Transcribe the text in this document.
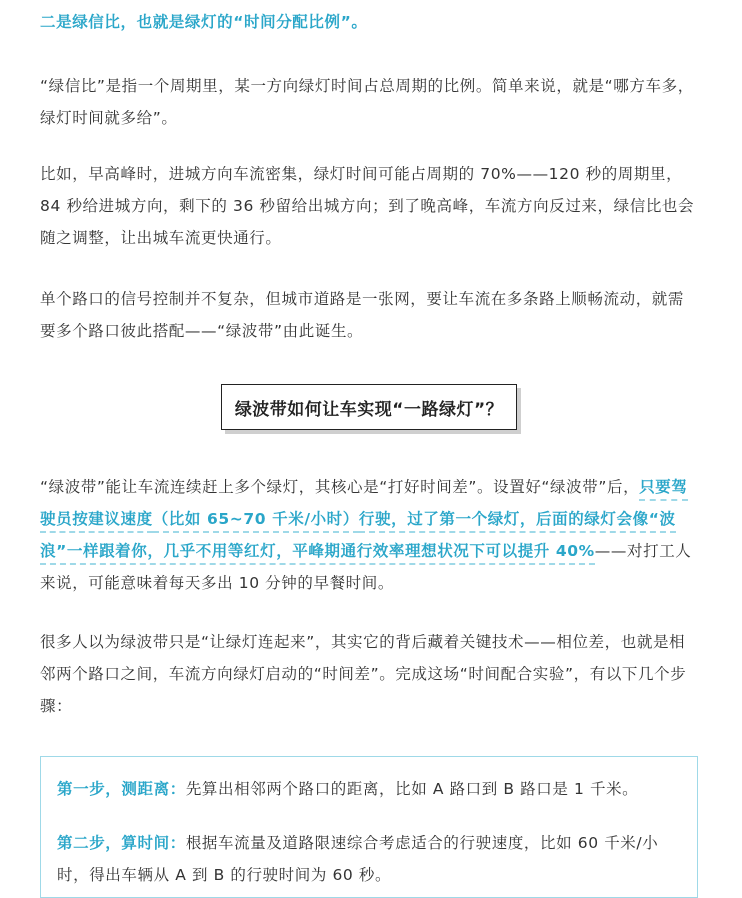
二是绿信比，也就是绿灯的“时间分配比例”。

“绿信比”是指一个周期里，某一方向绿灯时间占总周期的比例。简单来说，就是“哪方车多，绿灯时间就多给”。

比如，早高峰时，进城方向车流密集，绿灯时间可能占周期的 70%——120 秒的周期里，84 秒给进城方向，剩下的 36 秒留给出城方向；到了晚高峰，车流方向反过来，绿信比也会随之调整，让出城车流更快通行。

单个路口的信号控制并不复杂，但城市道路是一张网，要让车流在多条路上顺畅流动，就需要多个路口彼此搭配——“绿波带”由此诞生。

绿波带如何让车实现“一路绿灯”？

“绿波带”能让车流连续赶上多个绿灯，其核心是“打好时间差”。设置好“绿波带”后，只要驾驶员按建议速度（比如 65~70 千米/小时）行驶，过了第一个绿灯，后面的绿灯会像“波浪”一样跟着你，几乎不用等红灯，平峰期通行效率理想状况下可以提升 40%——对打工人来说，可能意味着每天多出 10 分钟的早餐时间。

很多人以为绿波带只是“让绿灯连起来”，其实它的背后藏着关键技术——相位差，也就是相邻两个路口之间，车流方向绿灯启动的“时间差”。完成这场“时间配合实验”，有以下几个步骤：

第一步，测距离：先算出相邻两个路口的距离，比如 A 路口到 B 路口是 1 千米。

第二步，算时间：根据车流量及道路限速综合考虑适合的行驶速度，比如 60 千米/小时，得出车辆从 A 到 B 的行驶时间为 60 秒。
